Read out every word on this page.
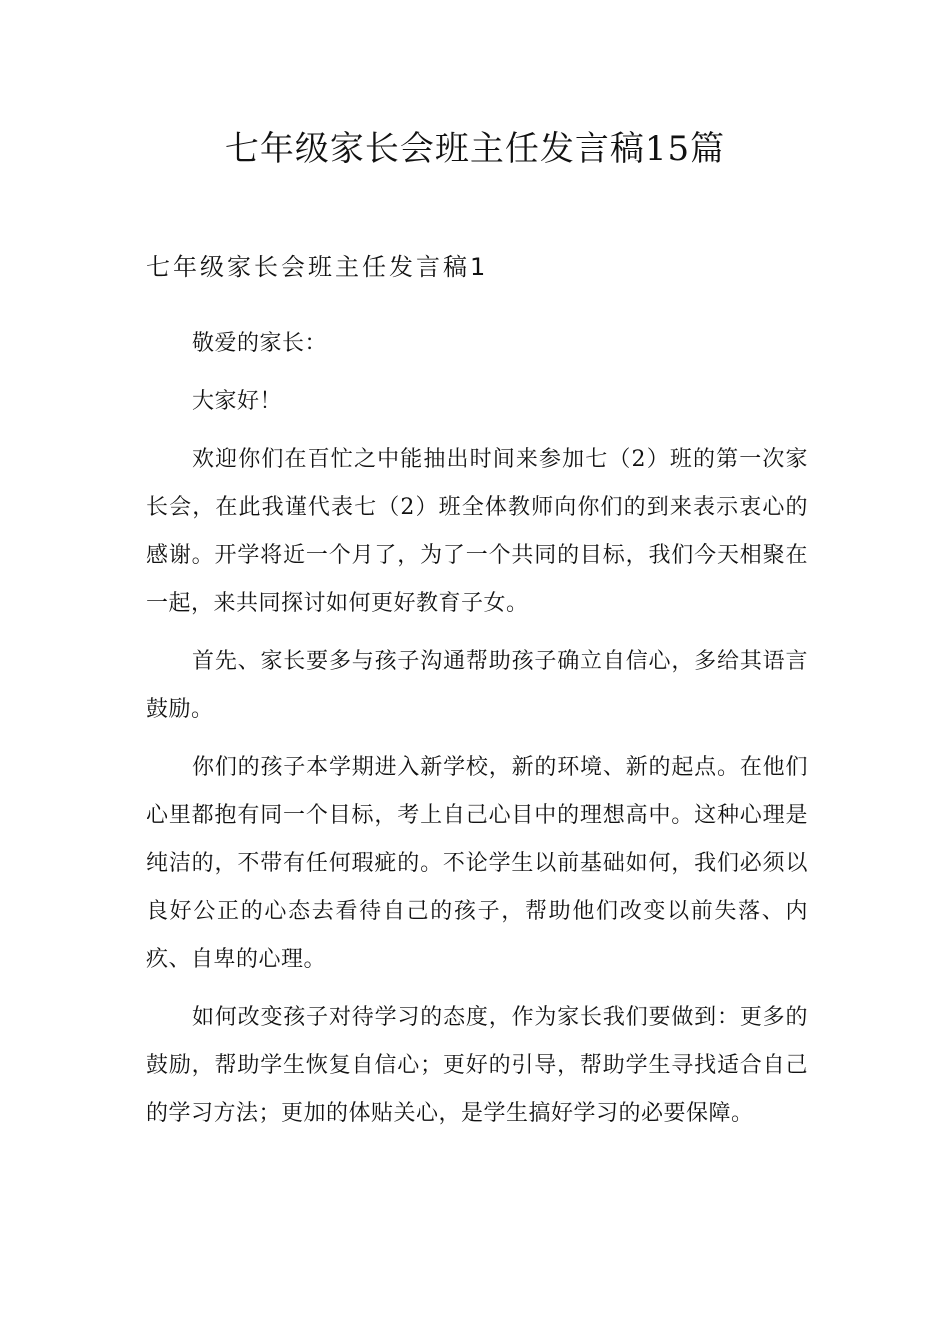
七年级家长会班主任发言稿15篇
七年级家长会班主任发言稿1

敬爱的家长：

大家好！

欢迎你们在百忙之中能抽出时间来参加七（2）班的第一次家长会，在此我谨代表七（2）班全体教师向你们的到来表示衷心的感谢。开学将近一个月了，为了一个共同的目标，我们今天相聚在一起，来共同探讨如何更好教育子女。

首先、家长要多与孩子沟通帮助孩子确立自信心，多给其语言鼓励。

你们的孩子本学期进入新学校，新的环境、新的起点。在他们心里都抱有同一个目标，考上自己心目中的理想高中。这种心理是纯洁的，不带有任何瑕疵的。不论学生以前基础如何，我们必须以良好公正的心态去看待自己的孩子，帮助他们改变以前失落、内疚、自卑的心理。

如何改变孩子对待学习的态度，作为家长我们要做到：更多的鼓励，帮助学生恢复自信心；更好的引导，帮助学生寻找适合自己的学习方法；更加的体贴关心，是学生搞好学习的必要保障。
